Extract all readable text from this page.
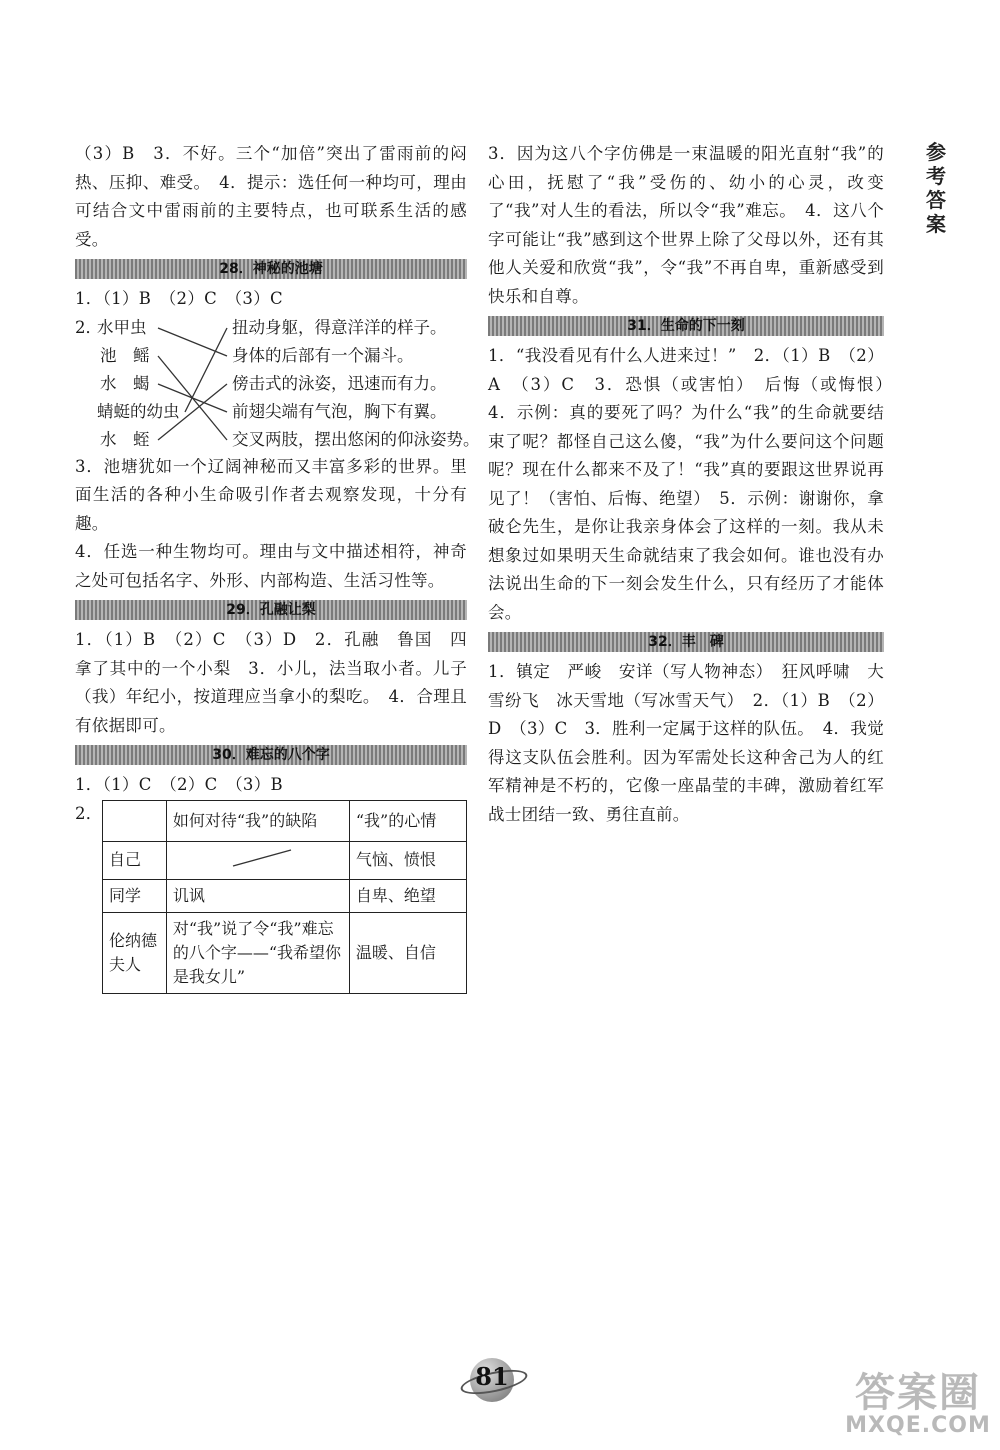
参
考
答
案

（3）B　3．不好。三个“加倍”突出了雷雨前的闷热、压抑、难受。　4．提示：选任何一种均可，理由可结合文中雷雨前的主要特点，也可联系生活的感受。

28．神秘的池塘

1．（1）B　（2）C　（3）C

2．
水甲虫
池　鳐
水　蝎
蜻蜓的幼虫
水　蛭
扭动身躯，得意洋洋的样子。
身体的后部有一个漏斗。
傍击式的泳姿，迅速而有力。
前翅尖端有气泡，胸下有翼。
交叉两肢，摆出悠闲的仰泳姿势。

3．池塘犹如一个辽阔神秘而又丰富多彩的世界。里面生活的各种小生命吸引作者去观察发现，十分有趣。

4．任选一种生物均可。理由与文中描述相符，神奇之处可包括名字、外形、内部构造、生活习性等。

29．孔融让梨

1．（1）B　（2）C　（3）D　2．孔融　鲁国　四　拿了其中的一个小梨　3．小儿，法当取小者。儿子（我）年纪小，按道理应当拿小的梨吃。　4．合理且有依据即可。

30．难忘的八个字

1．（1）C　（2）C　（3）B

2．
		如何对待“我”的缺陷	“我”的心情
自己		气恼、愤恨
同学	讥讽	自卑、绝望
伦纳德夫人	对“我”说了令“我”难忘的八个字——“我希望你是我女儿”	温暖、自信

3．因为这八个字仿佛是一束温暖的阳光直射“我”的心田，抚慰了“我”受伤的、幼小的心灵，改变了“我”对人生的看法，所以令“我”难忘。　4．这八个字可能让“我”感到这个世界上除了父母以外，还有其他人关爱和欣赏“我”，令“我”不再自卑，重新感受到快乐和自尊。

31．生命的下一刻

1．“我没看见有什么人进来过！”　2．（1）B　（2）A　（3）C　3．恐惧（或害怕）　后悔（或悔恨）　4．示例：真的要死了吗？为什么“我”的生命就要结束了呢？都怪自己这么傻，“我”为什么要问这个问题呢？现在什么都来不及了！“我”真的要跟这世界说再见了！（害怕、后悔、绝望）　5．示例：谢谢你，拿破仑先生，是你让我亲身体会了这样的一刻。我从未想象过如果明天生命就结束了我会如何。谁也没有办法说出生命的下一刻会发生什么，只有经历了才能体会。

32．丰　碑

1．镇定　严峻　安详（写人物神态）　狂风呼啸　大雪纷飞　冰天雪地（写冰雪天气）　2．（1）B　（2）D　（3）C　3．胜利一定属于这样的队伍。　4．我觉得这支队伍会胜利。因为军需处长这种舍己为人的红军精神是不朽的，它像一座晶莹的丰碑，激励着红军战士团结一致、勇往直前。

81	答案圈
MXQE.COM
